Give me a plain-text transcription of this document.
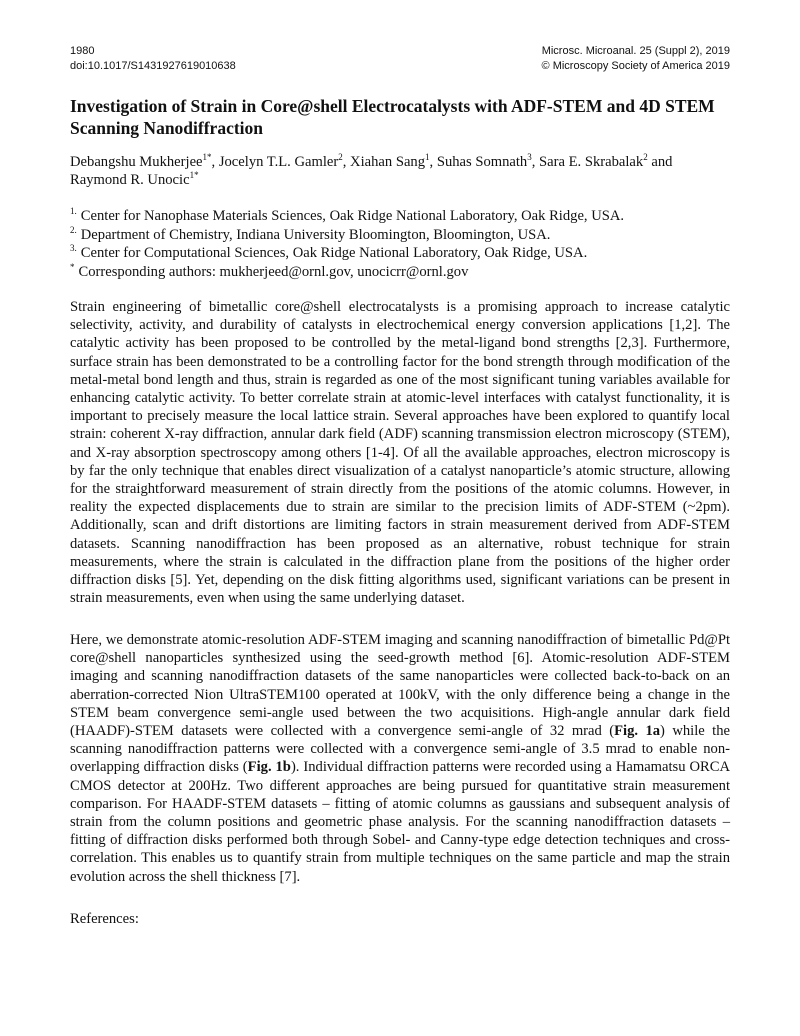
1980
doi:10.1017/S1431927619010638
Microsc. Microanal. 25 (Suppl 2), 2019
© Microscopy Society of America 2019
Investigation of Strain in Core@shell Electrocatalysts with ADF-STEM and 4D STEM Scanning Nanodiffraction
Debangshu Mukherjee$^{1*}$, Jocelyn T.L. Gamler$^2$, Xiahan Sang$^1$, Suhas Somnath$^3$, Sara E. Skrabalak$^2$ and
Raymond R. Unocic$^{1*}$
$^{1.}$ Center for Nanophase Materials Sciences, Oak Ridge National Laboratory, Oak Ridge, USA.
$^{2.}$ Department of Chemistry, Indiana University Bloomington, Bloomington, USA.
$^{3.}$ Center for Computational Sciences, Oak Ridge National Laboratory, Oak Ridge, USA.
* Corresponding authors: mukherjeed@ornl.gov, unocicrr@ornl.gov

Strain engineering of bimetallic core@shell electrocatalysts is a promising approach to increase catalytic selectivity, activity, and durability of catalysts in electrochemical energy conversion applications [1,2]. The catalytic activity has been proposed to be controlled by the metal-ligand bond strengths [2,3]. Furthermore, surface strain has been demonstrated to be a controlling factor for the bond strength through modification of the metal-metal bond length and thus, strain is regarded as one of the most significant tuning variables available for enhancing catalytic activity. To better correlate strain at atomic-level interfaces with catalyst functionality, it is important to precisely measure the local lattice strain. Several approaches have been explored to quantify local strain: coherent X-ray diffraction, annular dark field (ADF) scanning transmission electron microscopy (STEM), and X-ray absorption spectroscopy among others [1-4]. Of all the available approaches, electron microscopy is by far the only technique that enables direct visualization of a catalyst nanoparticle’s atomic structure, allowing for the straightforward measurement of strain directly from the positions of the atomic columns. However, in reality the expected displacements due to strain are similar to the precision limits of ADF-STEM (~2pm). Additionally, scan and drift distortions are limiting factors in strain measurement derived from ADF-STEM datasets. Scanning nanodiffraction has been proposed as an alternative, robust technique for strain measurements, where the strain is calculated in the diffraction plane from the positions of the higher order diffraction disks [5]. Yet, depending on the disk fitting algorithms used, significant variations can be present in strain measurements, even when using the same underlying dataset.

Here, we demonstrate atomic-resolution ADF-STEM imaging and scanning nanodiffraction of bimetallic Pd@Pt core@shell nanoparticles synthesized using the seed-growth method [6]. Atomic-resolution ADF-STEM imaging and scanning nanodiffraction datasets of the same nanoparticles were collected back-to-back on an aberration-corrected Nion UltraSTEM100 operated at 100kV, with the only difference being a change in the STEM beam convergence semi-angle used between the two acquisitions. High-angle annular dark field (HAADF)-STEM datasets were collected with a convergence semi-angle of 32 mrad (Fig. 1a) while the scanning nanodiffraction patterns were collected with a convergence semi-angle of 3.5 mrad to enable non-overlapping diffraction disks (Fig. 1b). Individual diffraction patterns were recorded using a Hamamatsu ORCA CMOS detector at 200Hz. Two different approaches are being pursued for quantitative strain measurement comparison. For HAADF-STEM datasets – fitting of atomic columns as gaussians and subsequent analysis of strain from the column positions and geometric phase analysis. For the scanning nanodiffraction datasets – fitting of diffraction disks performed both through Sobel- and Canny-type edge detection techniques and cross-correlation. This enables us to quantify strain from multiple techniques on the same particle and map the strain evolution across the shell thickness [7].

References:
